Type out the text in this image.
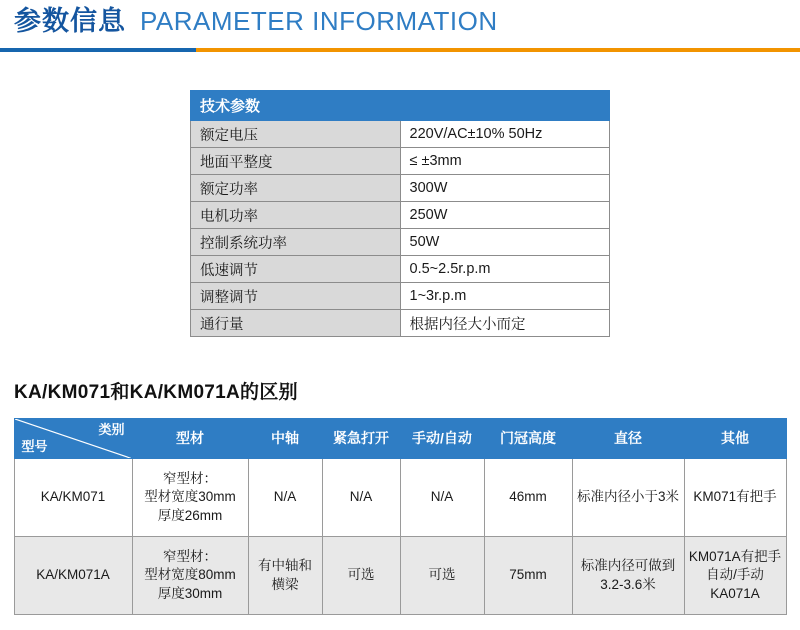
参数信息 PARAMETER INFORMATION
技术参数	
额定电压	220V/AC±10% 50Hz
地面平整度	≤ ±3mm
额定功率	300W
电机功率	250W
控制系统功率	50W
低速调节	0.5~2.5r.p.m
调整调节	1~3r.p.m
通行量	根据内径大小而定
KA/KM071和KA/KM071A的区别
类别
型号	型材	中轴	紧急打开	手动/自动	门冠高度	直径	其他
KA/KM071	窄型材：
型材宽度30mm
厚度26mm	N/A	N/A	N/A	46mm	标准内径小于3米	KM071有把手
KA/KM071A	窄型材：
型材宽度80mm
厚度30mm	有中轴和
横梁	可选	可选	75mm	标准内径可做到
3.2-3.6米	KM071A有把手
自动/手动
KA071A
